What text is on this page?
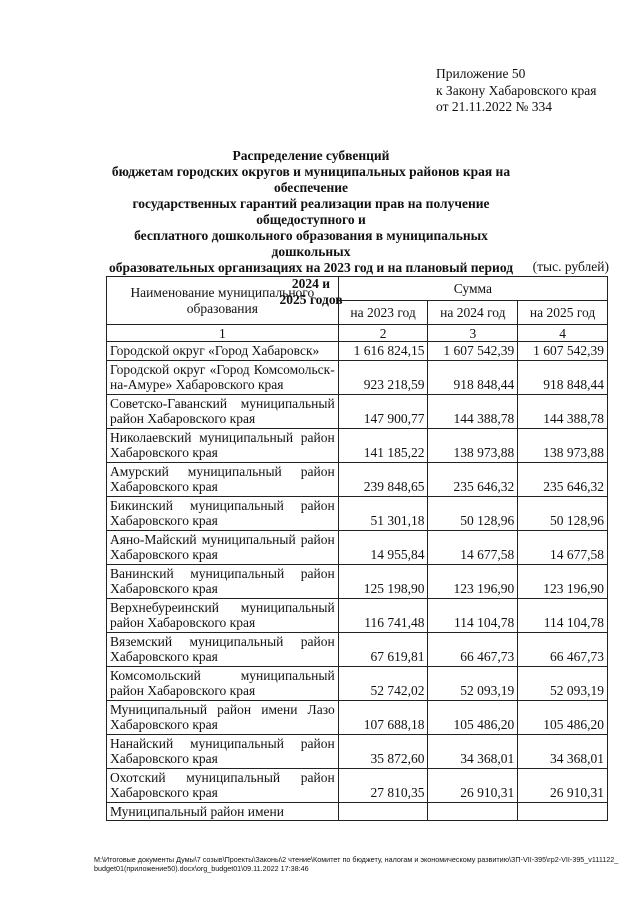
Приложение 50
к Закону Хабаровского края
от 21.11.2022 № 334
Распределение субвенций
бюджетам городских округов и муниципальных районов края на обеспечение
государственных гарантий реализации прав на получение общедоступного и
бесплатного дошкольного образования в муниципальных дошкольных
образовательных организациях на 2023 год и на плановый период 2024 и
2025 годов
(тыс. рублей)
Наименование муниципального образования	Сумма		
	на 2023 год	на 2024 год	на 2025 год
1	2	3	4
Городской округ «Город Хабаровск»	1 616 824,15	1 607 542,39	1 607 542,39
Городской округ «Город Комсомольск-на-Амуре» Хабаровского края	923 218,59	918 848,44	918 848,44
Советско-Гаванский муниципальный район Хабаровского края	147 900,77	144 388,78	144 388,78
Николаевский муниципальный район Хабаровского края	141 185,22	138 973,88	138 973,88
Амурский муниципальный район Хабаровского края	239 848,65	235 646,32	235 646,32
Бикинский муниципальный район Хабаровского края	51 301,18	50 128,96	50 128,96
Аяно-Майский муниципальный район Хабаровского края	14 955,84	14 677,58	14 677,58
Ванинский муниципальный район Хабаровского края	125 198,90	123 196,90	123 196,90
Верхнебуреинский муниципальный район Хабаровского края	116 741,48	114 104,78	114 104,78
Вяземский муниципальный район Хабаровского края	67 619,81	66 467,73	66 467,73
Комсомольский муниципальный район Хабаровского края	52 742,02	52 093,19	52 093,19
Муниципальный район имени Лазо Хабаровского края	107 688,18	105 486,20	105 486,20
Нанайский муниципальный район Хабаровского края	35 872,60	34 368,01	34 368,01
Охотский муниципальный район Хабаровского края	27 810,35	26 910,31	26 910,31
Муниципальный район имени			
M:\Итоговые документы Думы\7 созыв\Проекты\Законы\2 чтение\Комитет по бюджету, налогам и экономическому развитию\ЗП-VII-395\гр2-VII-395_v111122_budget01(приложение50).docx\org_budget01\09.11.2022 17:38:46
